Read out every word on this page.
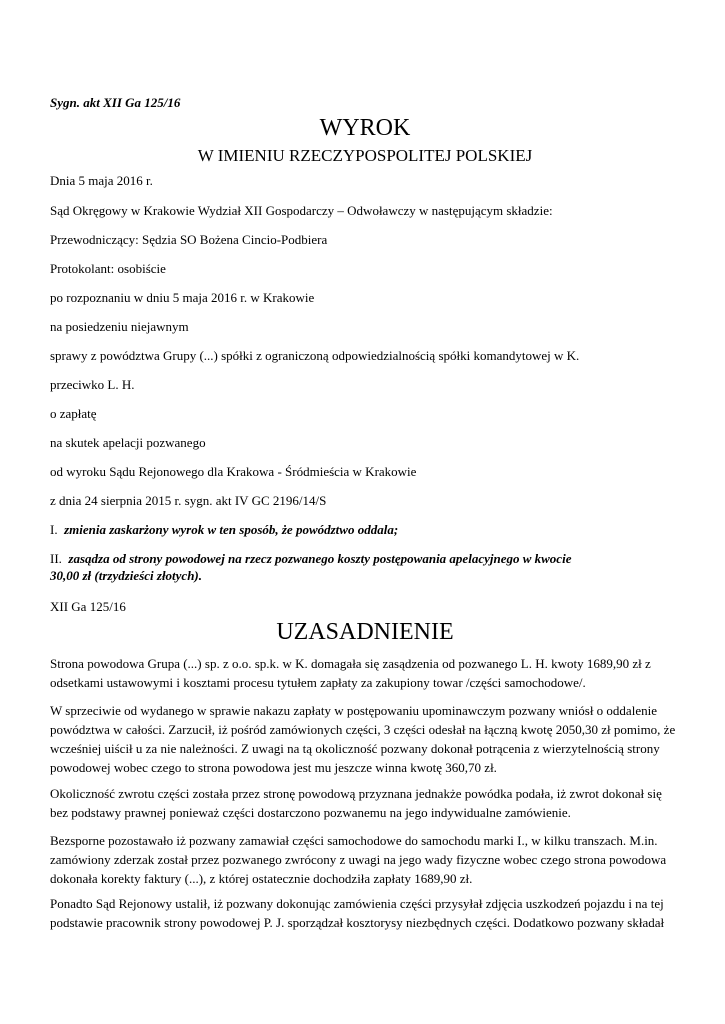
Sygn. akt XII Ga 125/16
WYROK
W IMIENIU RZECZYPOSPOLITEJ POLSKIEJ
Dnia 5 maja 2016 r.
Sąd Okręgowy w Krakowie Wydział XII Gospodarczy – Odwoławczy w następującym składzie:
Przewodniczący: Sędzia SO Bożena Cincio-Podbiera
Protokolant: osobiście
po rozpoznaniu w dniu 5 maja 2016 r. w Krakowie
na posiedzeniu niejawnym
sprawy z powództwa Grupy (...) spółki z ograniczoną odpowiedzialnością spółki komandytowej w K.
przeciwko L. H.
o zapłatę
na skutek apelacji pozwanego
od wyroku Sądu Rejonowego dla Krakowa - Śródmieścia w Krakowie
z dnia 24 sierpnia 2015 r. sygn. akt IV GC 2196/14/S
I. zmienia zaskarżony wyrok w ten sposób, że powództwo oddala;
II. zasądza od strony powodowej na rzecz pozwanego koszty postępowania apelacyjnego w kwocie
30,00 zł (trzydzieści złotych).
XII Ga 125/16
UZASADNIENIE
Strona powodowa Grupa (...) sp. z o.o. sp.k. w K. domagała się zasądzenia od pozwanego L. H. kwoty 1689,90 zł z odsetkami ustawowymi i kosztami procesu tytułem zapłaty za zakupiony towar /części samochodowe/.
W sprzeciwie od wydanego w sprawie nakazu zapłaty w postępowaniu upominawczym pozwany wniósł o oddalenie powództwa w całości. Zarzucił, iż pośród zamówionych części, 3 części odesłał na łączną kwotę 2050,30 zł pomimo, że wcześniej uiścił u za nie należności. Z uwagi na tą okoliczność pozwany dokonał potrącenia z wierzytelnością strony powodowej wobec czego to strona powodowa jest mu jeszcze winna kwotę 360,70 zł.
Okoliczność zwrotu części została przez stronę powodową przyznana jednakże powódka podała, iż zwrot dokonał się bez podstawy prawnej ponieważ części dostarczono pozwanemu na jego indywidualne zamówienie.
Bezsporne pozostawało iż pozwany zamawiał części samochodowe do samochodu marki I., w kilku transzach. M.in. zamówiony zderzak został przez pozwanego zwrócony z uwagi na jego wady fizyczne wobec czego strona powodowa dokonała korekty faktury (...), z której ostatecznie dochodziła zapłaty 1689,90 zł.
Ponadto Sąd Rejonowy ustalił, iż pozwany dokonując zamówienia części przysyłał zdjęcia uszkodzeń pojazdu i na tej podstawie pracownik strony powodowej P. J. sporządzał kosztorysy niezbędnych części. Dodatkowo pozwany składał
